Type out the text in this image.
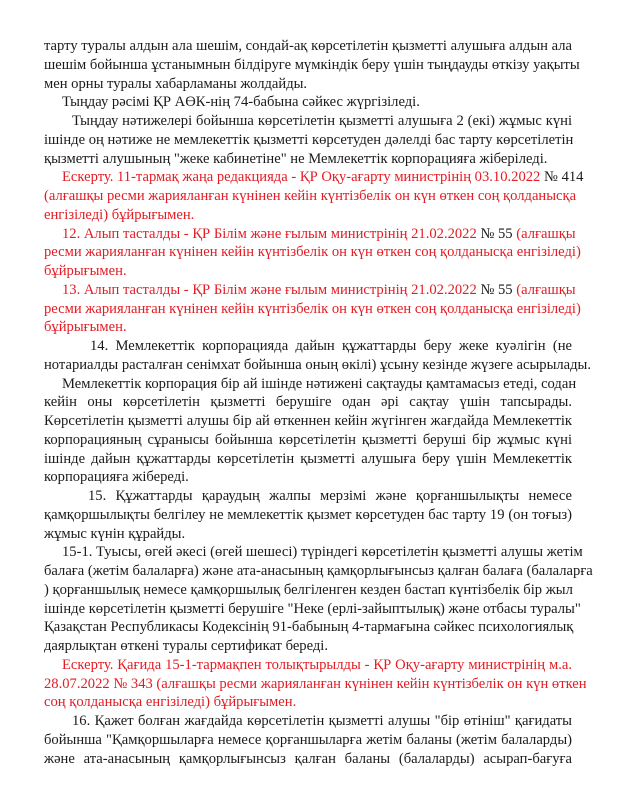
тарту туралы алдын ала шешім, сондай-ақ көрсетілетін қызметті алушыға алдын ала
шешім бойынша ұстанымнын білдіруге мүмкіндік беру үшін тыңдауды өткізу уақыты
мен орны туралы хабарламаны жолдайды.
Тыңдау рәсімі ҚР АӨК-нің 74-бабына сәйкес жүргізіледі.
Тыңдау нәтижелері бойынша көрсетілетін қызметті алушыға 2 (екі) жұмыс күні
ішінде оң нәтиже не мемлекеттік қызметті көрсетуден дәлелді бас тарту көрсетілетін
қызметті алушының "жеке кабинетіне" не Мемлекеттік корпорацияға жіберіледі.
Ескерту. 11-тармақ жаңа редакцияда - ҚР Оқу-ағарту министрінің 03.10.2022 № 414
(алғашқы ресми жарияланған күнінен кейін күнтізбелік он күн өткен соң қолданысқа
енгізіледі) бұйрығымен.
12. Алып тасталды - ҚР Білім және ғылым министрінің 21.02.2022 № 55 (алғашқы
ресми жарияланған күнінен кейін күнтізбелік он күн өткен соң қолданысқа енгізіледі)
бұйрығымен.
13. Алып тасталды - ҚР Білім және ғылым министрінің 21.02.2022 № 55 (алғашқы
ресми жарияланған күнінен кейін күнтізбелік он күн өткен соң қолданысқа енгізіледі)
бұйрығымен.
14. Мемлекеттік корпорацияда дайын құжаттарды беру жеке куәлігін (не
нотариалды расталған сенімхат бойынша оның өкілі) ұсыну кезінде жүзеге асырылады.
Мемлекеттік корпорация бір ай ішінде нәтижені сақтауды қамтамасыз етеді, содан
кейін оны көрсетілетін қызметті берушіге одан әрі сақтау үшін тапсырады.
Көрсетілетін қызметті алушы бір ай өткеннен кейін жүгінген жағдайда Мемлекеттік
корпорацияның сұранысы бойынша көрсетілетін қызметті беруші бір жұмыс күні
ішінде дайын құжаттарды көрсетілетін қызметті алушыға беру үшін Мемлекеттік
корпорацияға жібереді.
15. Құжаттарды қараудың жалпы мерзімі және қорғаншылықты немесе
қамқоршылықты белгілеу не мемлекеттік қызмет көрсетуден бас тарту 19 (он тоғыз)
жұмыс күнін құрайды.
15-1. Туысы, өгей әкесі (өгей шешесі) түріндегі көрсетілетін қызметті алушы жетім
балаға (жетім балаларға) және ата-анасының қамқорлығынсыз қалған балаға (балаларға
) қорғаншылық немесе қамқоршылық белгіленген кезден бастап күнтізбелік бір жыл
ішінде көрсетілетін қызметті берушіге "Неке (ерлі-зайыптылық) және отбасы туралы"
Қазақстан Республикасы Кодексінің 91-бабының 4-тармағына сәйкес психологиялық
даярлықтан өткені туралы сертификат береді.
Ескерту. Қағида 15-1-тармақпен толықтырылды - ҚР Оқу-ағарту министрінің м.а.
28.07.2022 № 343 (алғашқы ресми жарияланған күнінен кейін күнтізбелік он күн өткен
соң қолданысқа енгізіледі) бұйрығымен.
16. Қажет болған жағдайда көрсетілетін қызметті алушы "бір өтініш" қағидаты
бойынша "Қамқоршыларға немесе қорғаншыларға жетім баланы (жетім балаларды)
және ата-анасының қамқорлығынсыз қалған баланы (балаларды) асырап-бағуға
